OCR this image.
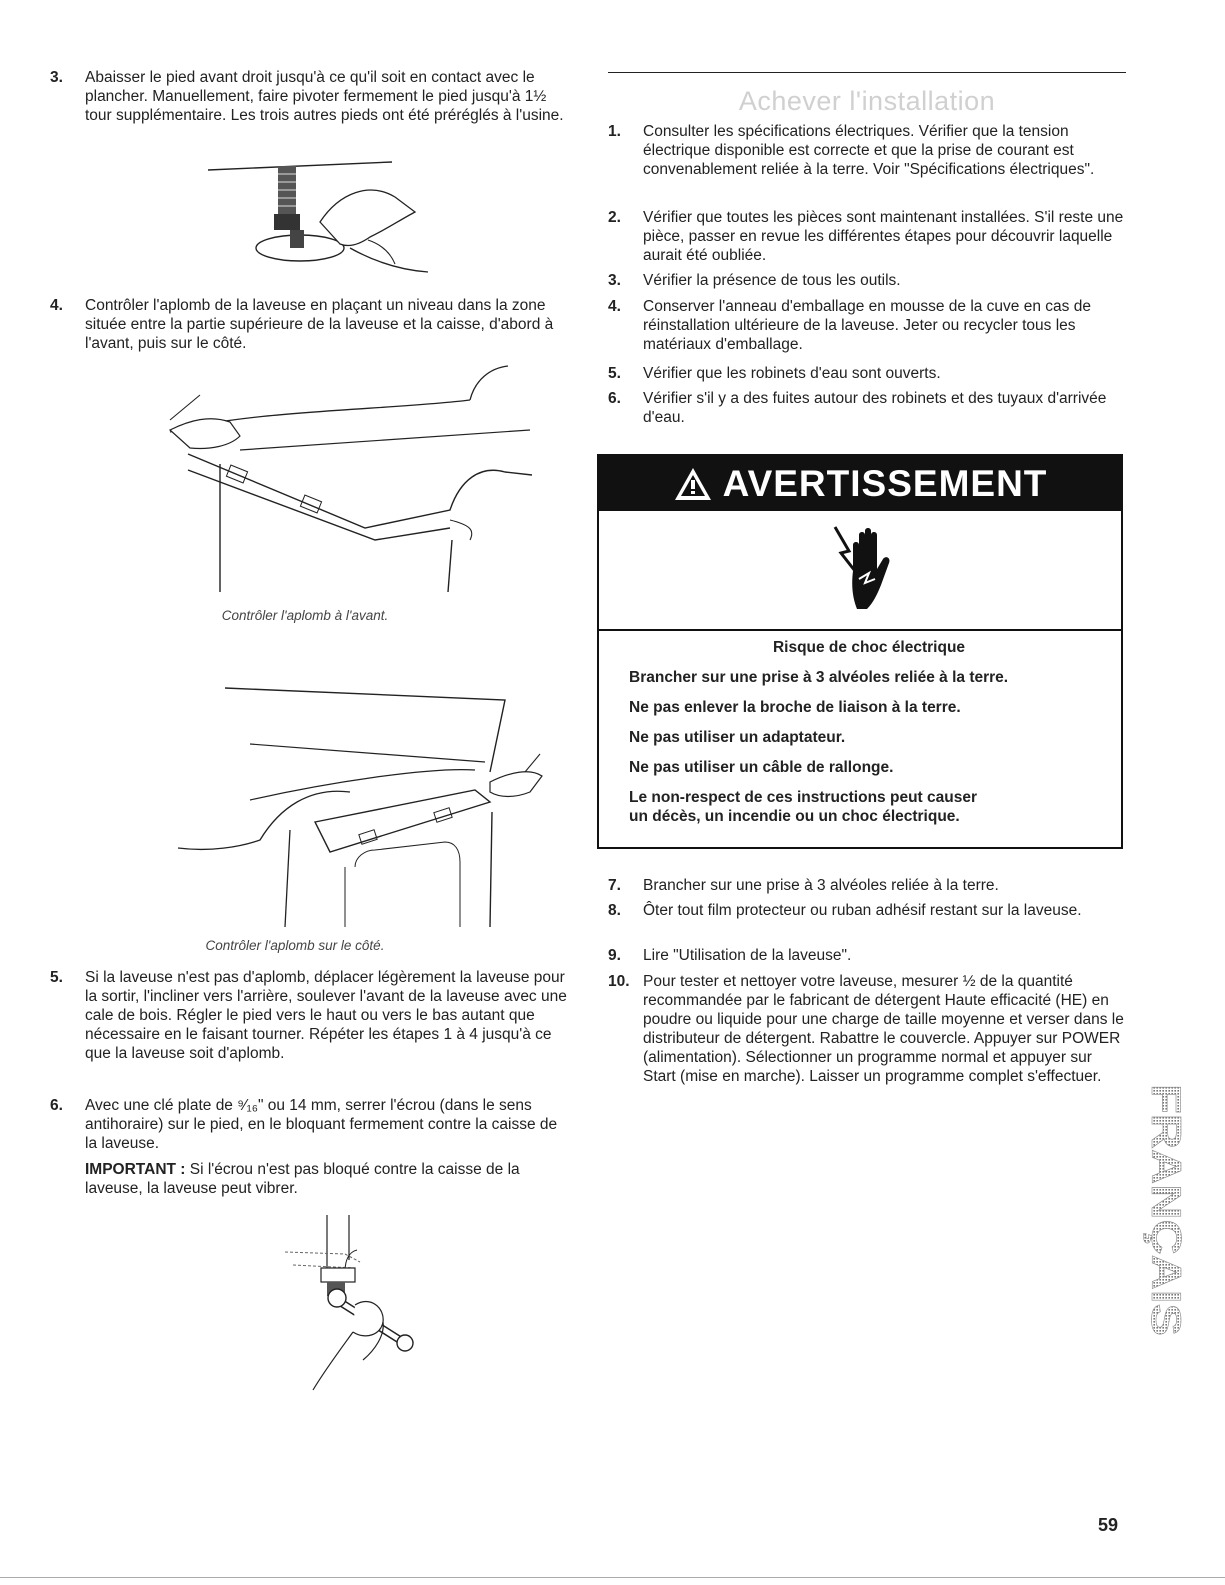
3. Abaisser le pied avant droit jusqu'à ce qu'il soit en contact avec le plancher. Manuellement, faire pivoter fermement le pied jusqu'à 1½ tour supplémentaire. Les trois autres pieds ont été préréglés à l'usine.
4. Contrôler l'aplomb de la laveuse en plaçant un niveau dans la zone située entre la partie supérieure de la laveuse et la caisse, d'abord à l'avant, puis sur le côté.
Contrôler l'aplomb à l'avant.
Contrôler l'aplomb sur le côté.
5. Si la laveuse n'est pas d'aplomb, déplacer légèrement la laveuse pour la sortir, l'incliner vers l'arrière, soulever l'avant de la laveuse avec une cale de bois. Régler le pied vers le haut ou vers le bas autant que nécessaire en le faisant tourner. Répéter les étapes 1 à 4 jusqu'à ce que la laveuse soit d'aplomb.
6. Avec une clé plate de ⁹⁄₁₆" ou 14 mm, serrer l'écrou (dans le sens antihoraire) sur le pied, en le bloquant fermement contre la caisse de la laveuse.

IMPORTANT : Si l'écrou n'est pas bloqué contre la caisse de la laveuse, la laveuse peut vibrer.

Achever l'installation
1. Consulter les spécifications électriques. Vérifier que la tension électrique disponible est correcte et que la prise de courant est convenablement reliée à la terre. Voir "Spécifications électriques".
2. Vérifier que toutes les pièces sont maintenant installées. S'il reste une pièce, passer en revue les différentes étapes pour découvrir laquelle aurait été oubliée.
3. Vérifier la présence de tous les outils.
4. Conserver l'anneau d'emballage en mousse de la cuve en cas de réinstallation ultérieure de la laveuse. Jeter ou recycler tous les matériaux d'emballage.
5. Vérifier que les robinets d'eau sont ouverts.
6. Vérifier s'il y a des fuites autour des robinets et des tuyaux d'arrivée d'eau.
AVERTISSEMENT

Risque de choc électrique

Brancher sur une prise à 3 alvéoles reliée à la terre.

Ne pas enlever la broche de liaison à la terre.

Ne pas utiliser un adaptateur.

Ne pas utiliser un câble de rallonge.

Le non-respect de ces instructions peut causer

un décès, un incendie ou un choc électrique.

7. Brancher sur une prise à 3 alvéoles reliée à la terre.
8. Ôter tout film protecteur ou ruban adhésif restant sur la laveuse.
9. Lire "Utilisation de la laveuse".
10. Pour tester et nettoyer votre laveuse, mesurer ½ de la quantité recommandée par le fabricant de détergent Haute efficacité (HE) en poudre ou liquide pour une charge de taille moyenne et verser dans le distributeur de détergent. Rabattre le couvercle. Appuyer sur POWER (alimentation). Sélectionner un programme normal et appuyer sur Start (mise en marche). Laisser un programme complet s'effectuer.
FRANÇAIS
59
